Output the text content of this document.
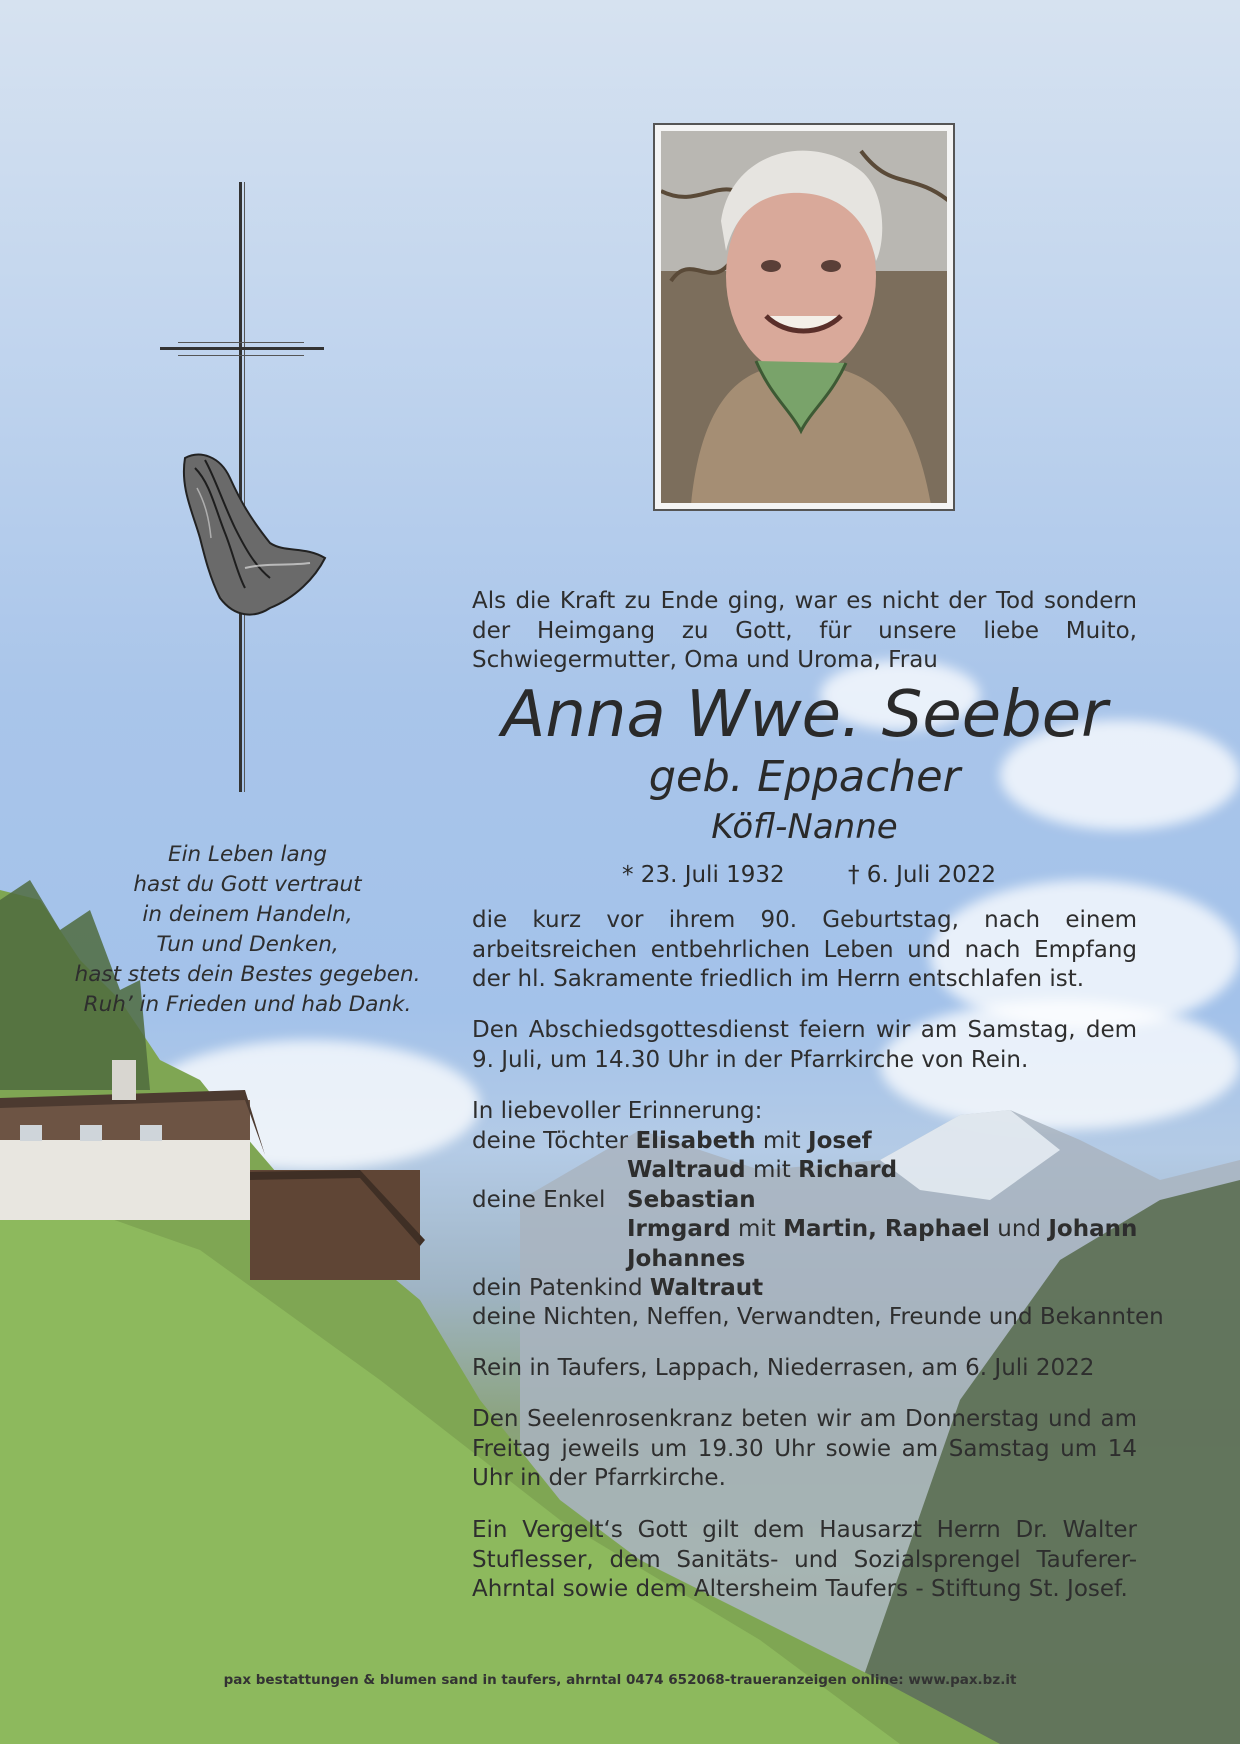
Ein Leben lang
hast du Gott vertraut
in deinem Handeln,
Tun und Denken,
hast stets dein Bestes gegeben.
Ruh’ in Frieden und hab Dank.
Als die Kraft zu Ende ging, war es nicht der Tod sondern der Heimgang zu Gott, für unsere liebe Muito, Schwiegermutter, Oma und Uroma, Frau
Anna Wwe. Seeber
geb. Eppacher
Köfl-Nanne
* 23. Juli 1932	† 6. Juli 2022
die kurz vor ihrem 90. Geburtstag, nach einem arbeitsreichen entbehrlichen Leben und nach Empfang der hl. Sakramente friedlich im Herrn entschlafen ist.
Den Abschiedsgottesdienst feiern wir am Samstag, dem 9. Juli, um 14.30 Uhr in der Pfarrkirche von Rein.
In liebevoller Erinnerung:
deine Töchter Elisabeth mit Josef
Waltraud mit Richard
deine Enkel Sebastian
Irmgard mit Martin, Raphael und Johann
Johannes
dein Patenkind Waltraut
deine Nichten, Neffen, Verwandten, Freunde und Bekannten
Rein in Taufers, Lappach, Niederrasen, am 6. Juli 2022
Den Seelenrosenkranz beten wir am Donnerstag und am Freitag jeweils um 19.30 Uhr sowie am Samstag um 14 Uhr in der Pfarrkirche.
Ein Vergelt‘s Gott gilt dem Hausarzt Herrn Dr. Walter Stuflesser, dem Sanitäts- und Sozialsprengel Tauferer-Ahrntal sowie dem Altersheim Taufers - Stiftung St. Josef.
pax bestattungen & blumen sand in taufers, ahrntal 0474 652068-traueranzeigen online: www.pax.bz.it
